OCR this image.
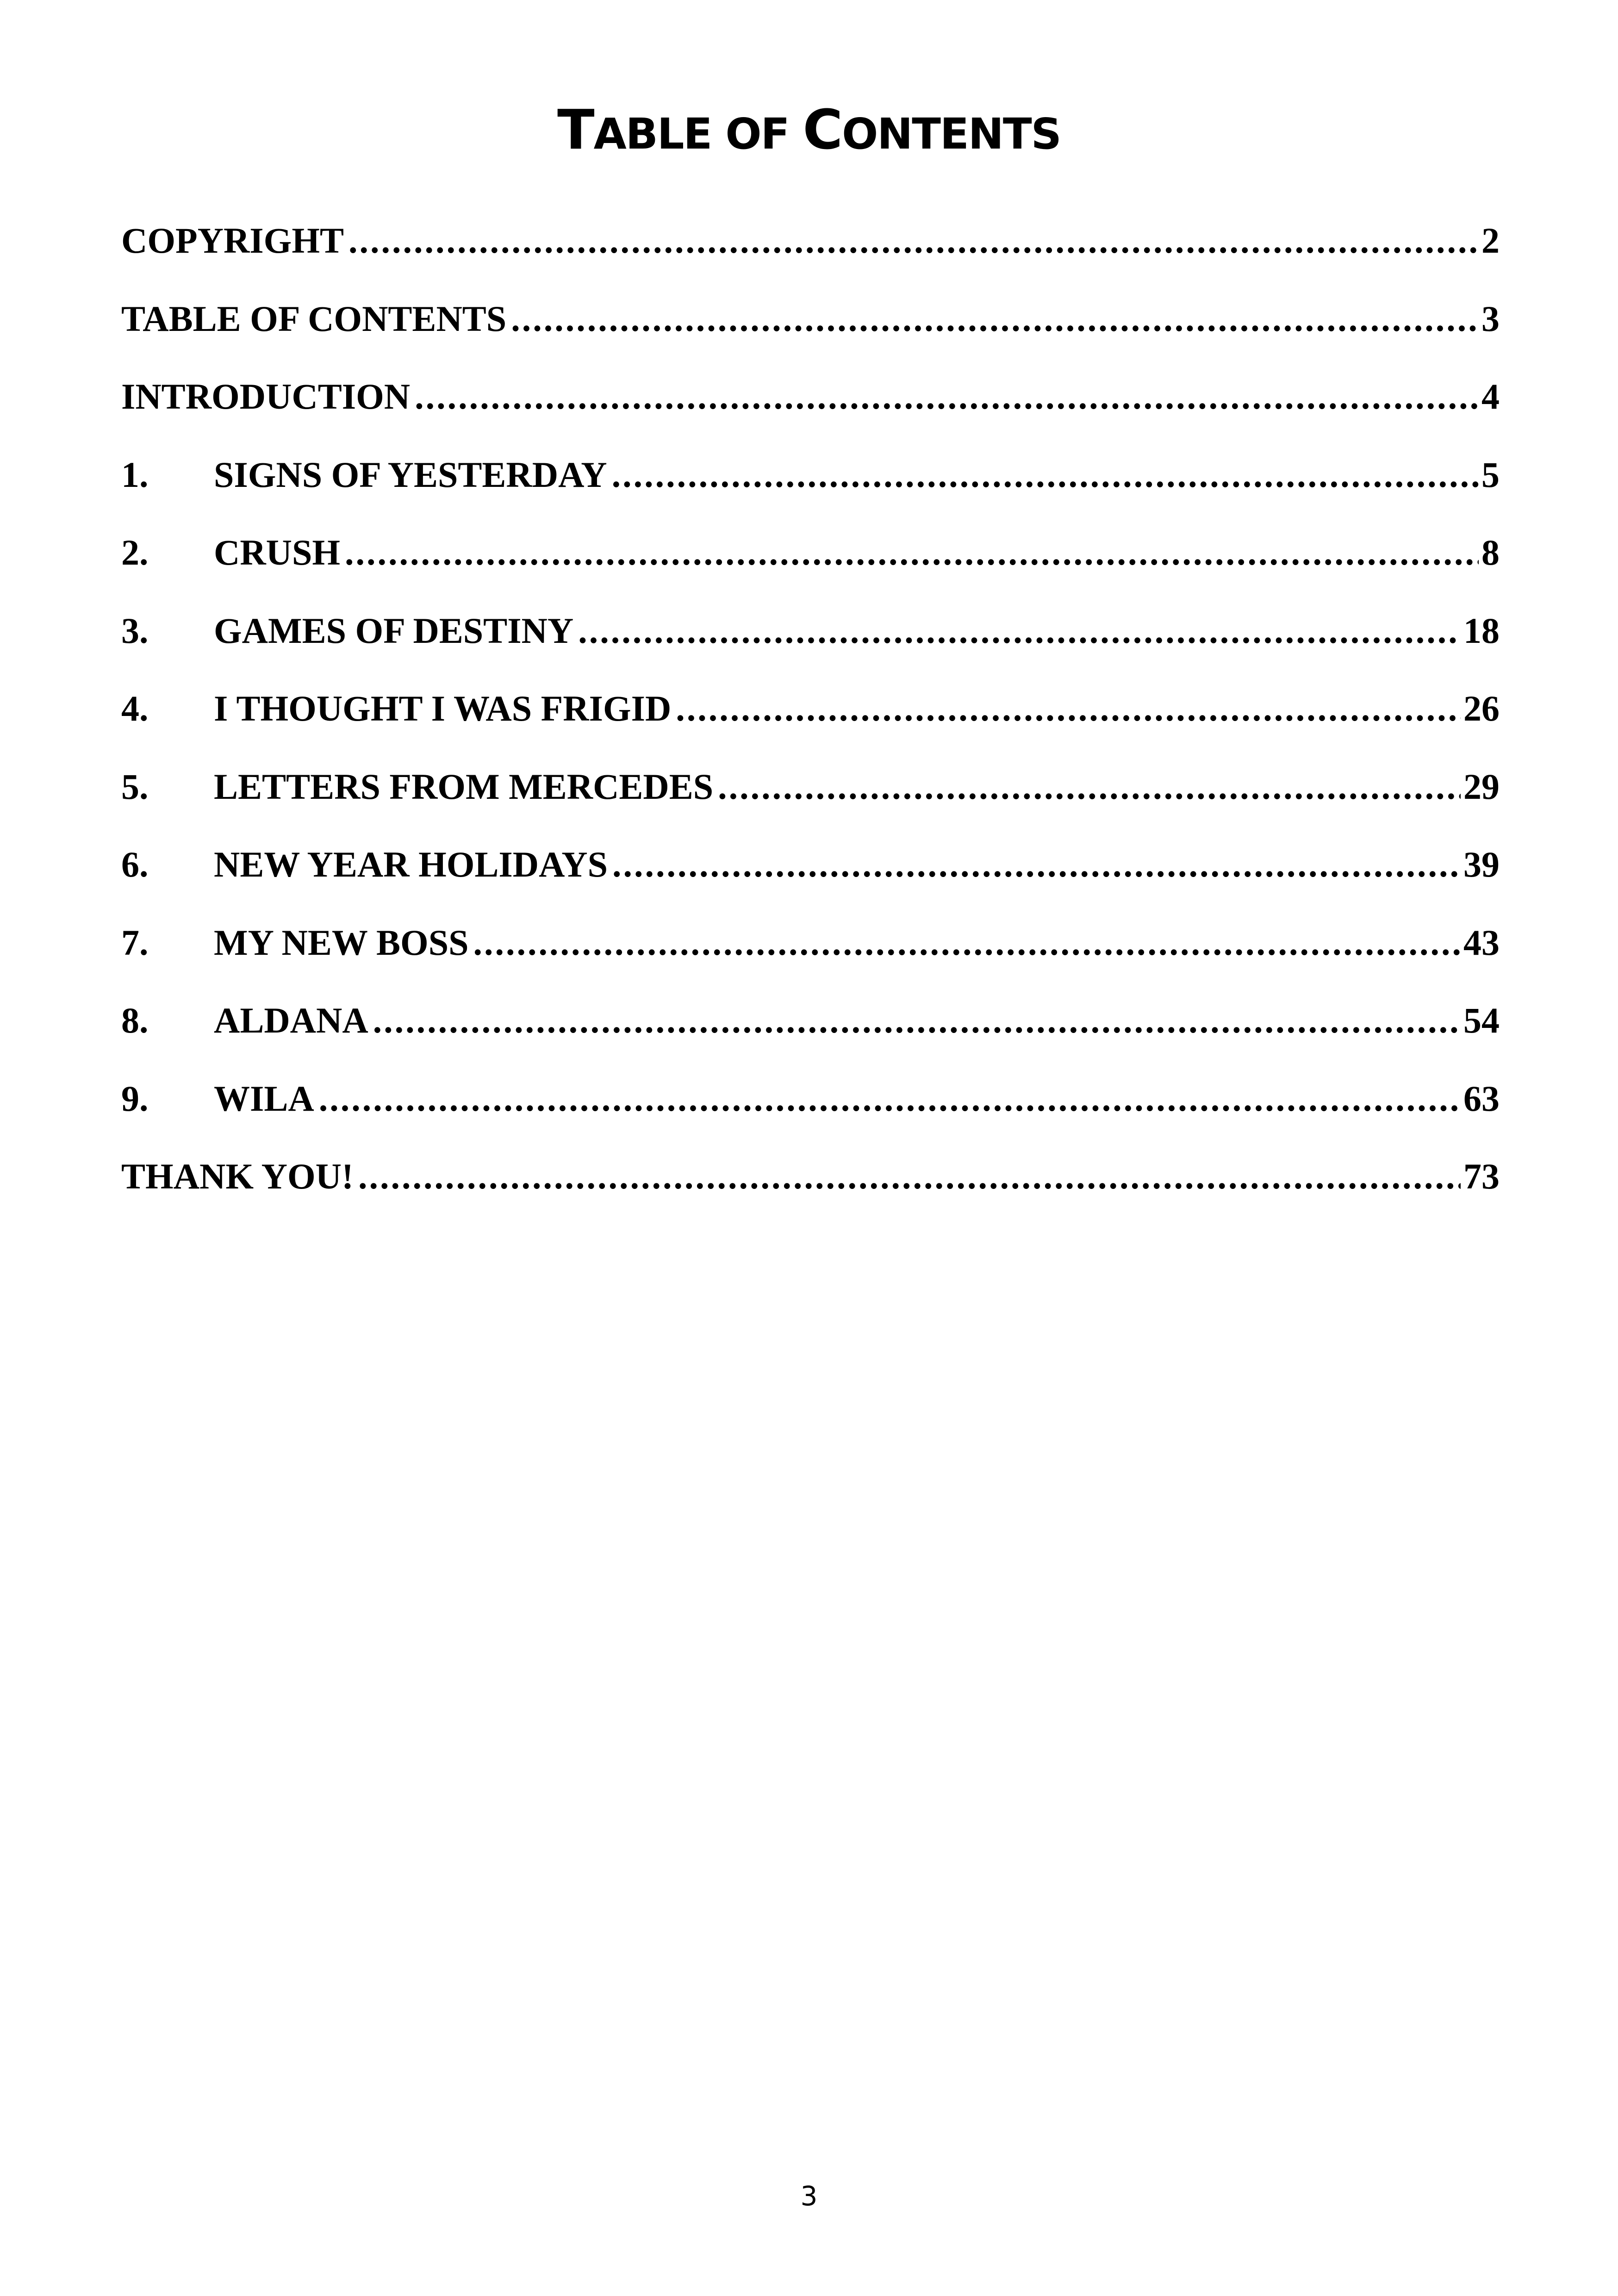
TABLE OF CONTENTS
COPYRIGHT .....	2
TABLE OF CONTENTS .....	3
INTRODUCTION .....	4
1.	SIGNS OF YESTERDAY .....	5
2.	CRUSH .....	8
3.	GAMES OF DESTINY .....	18
4.	I THOUGHT I WAS FRIGID .....	26
5.	LETTERS FROM MERCEDES .....	29
6.	NEW YEAR HOLIDAYS .....	39
7.	MY NEW BOSS .....	43
8.	ALDANA .....	54
9.	WILA .....	63
THANK YOU! .....	73
3
